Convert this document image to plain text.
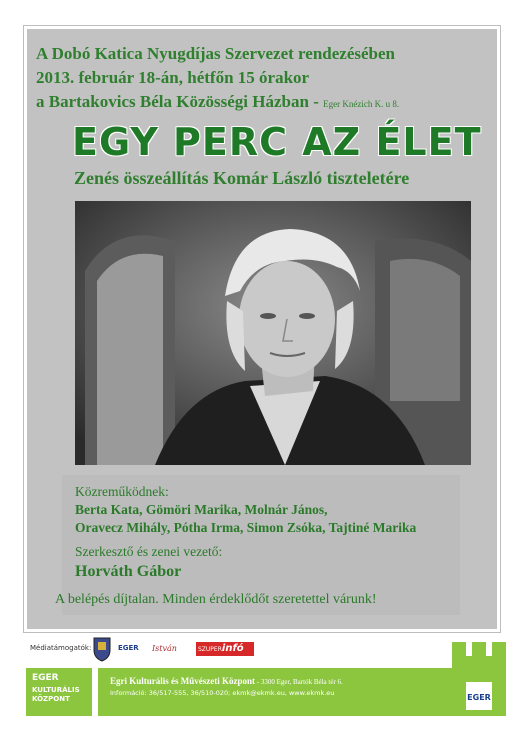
A Dobó Katica Nyugdíjas Szervezet rendezésében
2013. február 18-án, hétfőn 15 órakor
a Bartakovics Béla Közösségi Házban - Eger Knézich K. u 8.
EGY PERC AZ ÉLET
Zenés összeállítás Komár László tiszteletére
Közreműködnek:
Berta Kata, Gömöri Marika, Molnár János,
Oravecz Mihály, Pótha Irma, Simon Zsóka, Tajtiné Marika
Szerkesztő és zenei vezető:
Horváth Gábor
A belépés díjtalan. Minden érdeklődőt szeretettel várunk!
Médiatámogatók:	EGER	István	SZUPERinfó
EGER
KULTURÁLIS
KÖZPONT
Egri Kulturális és Művészeti Központ - 3300 Eger, Bartók Béla tér 6.
Információ: 36/517-555, 36/510-020; ekmk@ekmk.eu, www.ekmk.eu	EGER
